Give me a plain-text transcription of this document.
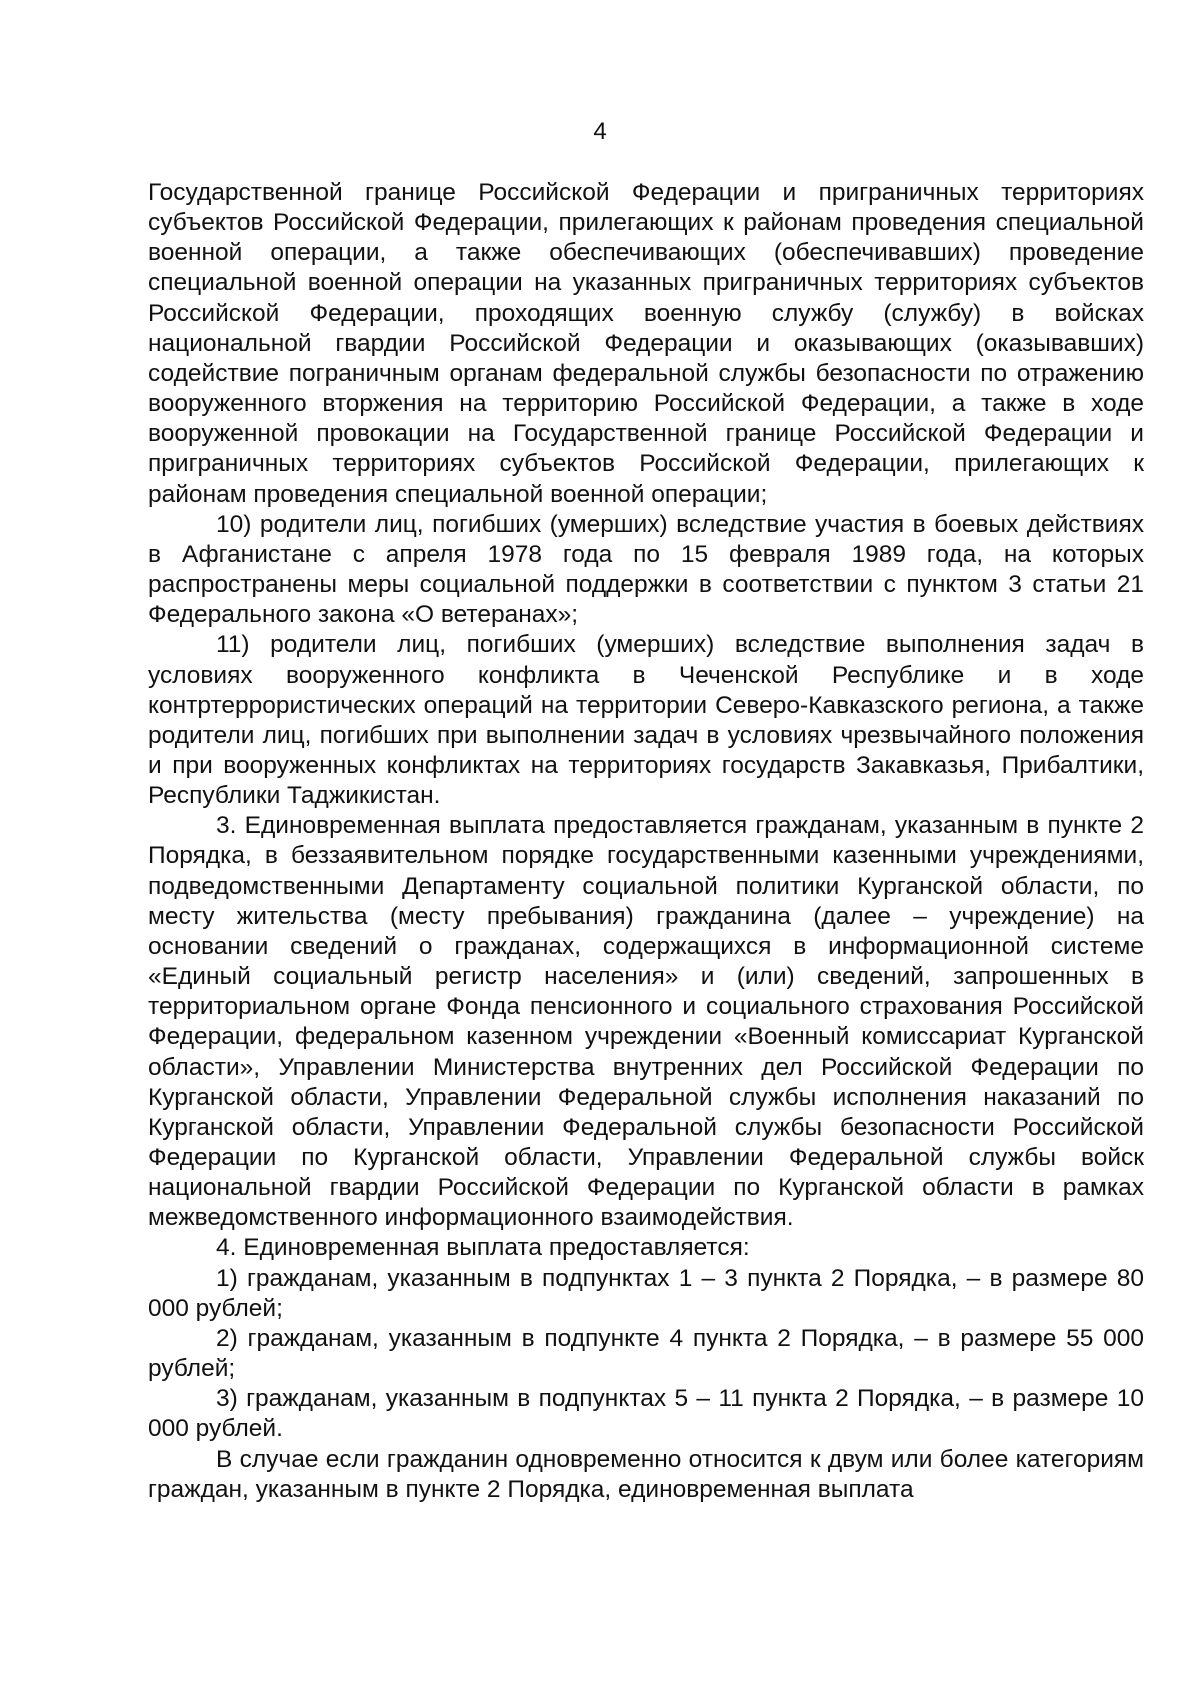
4

Государственной границе Российской Федерации и приграничных территориях субъектов Российской Федерации, прилегающих к районам проведения специальной военной операции, а также обеспечивающих (обеспечивавших) проведение специальной военной операции на указанных приграничных территориях субъектов Российской Федерации, проходящих военную службу (службу) в войсках национальной гвардии Российской Федерации и оказывающих (оказывавших) содействие пограничным органам федеральной службы безопасности по отражению вооруженного вторжения на территорию Российской Федерации, а также в ходе вооруженной провокации на Государственной границе Российской Федерации и приграничных территориях субъектов Российской Федерации, прилегающих к районам проведения специальной военной операции;

10) родители лиц, погибших (умерших) вследствие участия в боевых действиях в Афганистане с апреля 1978 года по 15 февраля 1989 года, на которых распространены меры социальной поддержки в соответствии с пунктом 3 статьи 21 Федерального закона «О ветеранах»;

11) родители лиц, погибших (умерших) вследствие выполнения задач в условиях вооруженного конфликта в Чеченской Республике и в ходе контртеррористических операций на территории Северо-Кавказского региона, а также родители лиц, погибших при выполнении задач в условиях чрезвычайного положения и при вооруженных конфликтах на территориях государств Закавказья, Прибалтики, Республики Таджикистан.

3. Единовременная выплата предоставляется гражданам, указанным в пункте 2 Порядка, в беззаявительном порядке государственными казенными учреждениями, подведомственными Департаменту социальной политики Курганской области, по месту жительства (месту пребывания) гражданина (далее – учреждение) на основании сведений о гражданах, содержащихся в информационной системе «Единый социальный регистр населения» и (или) сведений, запрошенных в территориальном органе Фонда пенсионного и социального страхования Российской Федерации, федеральном казенном учреждении «Военный комиссариат Курганской области», Управлении Министерства внутренних дел Российской Федерации по Курганской области, Управлении Федеральной службы исполнения наказаний по Курганской области, Управлении Федеральной службы безопасности Российской Федерации по Курганской области, Управлении Федеральной службы войск национальной гвардии Российской Федерации по Курганской области в рамках межведомственного информационного взаимодействия.

4. Единовременная выплата предоставляется:

1) гражданам, указанным в подпунктах 1 – 3 пункта 2 Порядка, – в размере 80 000 рублей;

2) гражданам, указанным в подпункте 4 пункта 2 Порядка, – в размере 55 000 рублей;

3) гражданам, указанным в подпунктах 5 – 11 пункта 2 Порядка, – в размере 10 000 рублей.

В случае если гражданин одновременно относится к двум или более категориям граждан, указанным в пункте 2 Порядка, единовременная выплата
